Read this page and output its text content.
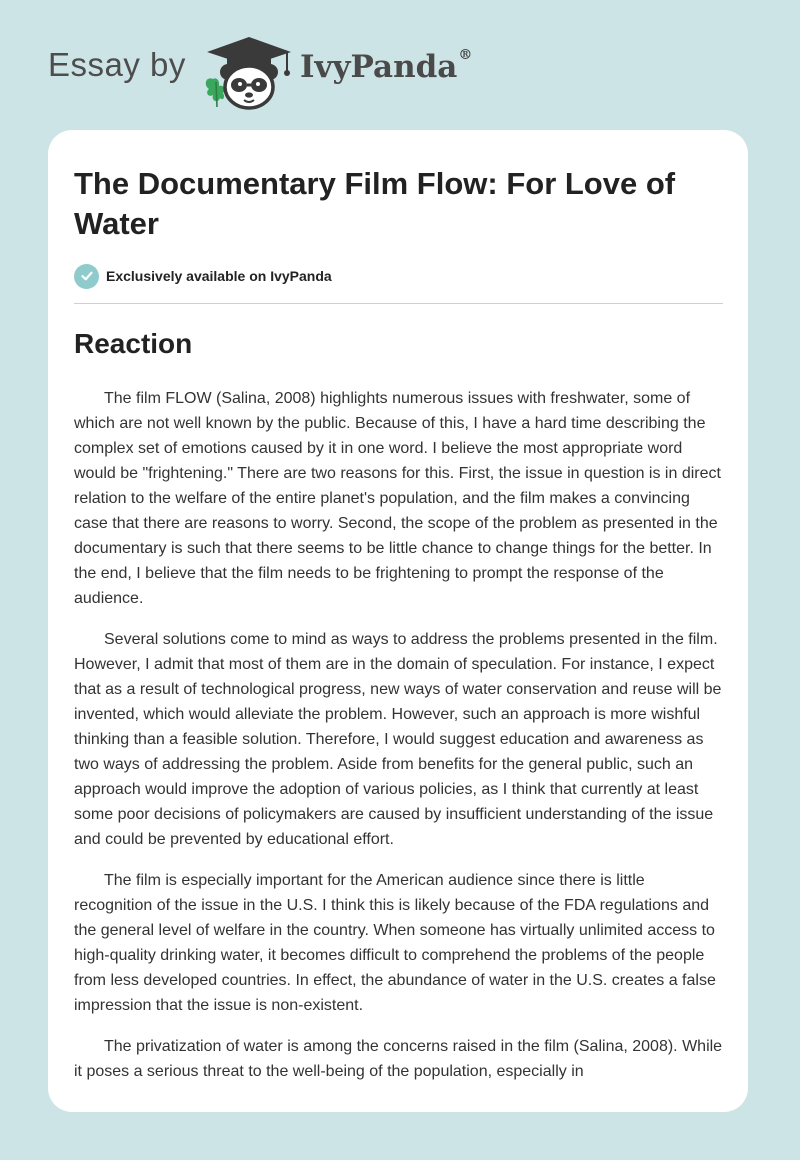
Essay by	IvyPanda®
The Documentary Film Flow: For Love of Water
Exclusively available on IvyPanda
Reaction

The film FLOW (Salina, 2008) highlights numerous issues with freshwater, some of which are not well known by the public. Because of this, I have a hard time describing the complex set of emotions caused by it in one word. I believe the most appropriate word would be "frightening." There are two reasons for this. First, the issue in question is in direct relation to the welfare of the entire planet's population, and the film makes a convincing case that there are reasons to worry. Second, the scope of the problem as presented in the documentary is such that there seems to be little chance to change things for the better. In the end, I believe that the film needs to be frightening to prompt the response of the audience.

Several solutions come to mind as ways to address the problems presented in the film. However, I admit that most of them are in the domain of speculation. For instance, I expect that as a result of technological progress, new ways of water conservation and reuse will be invented, which would alleviate the problem. However, such an approach is more wishful thinking than a feasible solution. Therefore, I would suggest education and awareness as two ways of addressing the problem. Aside from benefits for the general public, such an approach would improve the adoption of various policies, as I think that currently at least some poor decisions of policymakers are caused by insufficient understanding of the issue and could be prevented by educational effort.

The film is especially important for the American audience since there is little recognition of the issue in the U.S. I think this is likely because of the FDA regulations and the general level of welfare in the country. When someone has virtually unlimited access to high-quality drinking water, it becomes difficult to comprehend the problems of the people from less developed countries. In effect, the abundance of water in the U.S. creates a false impression that the issue is non-existent.

The privatization of water is among the concerns raised in the film (Salina, 2008). While it poses a serious threat to the well-being of the population, especially in
